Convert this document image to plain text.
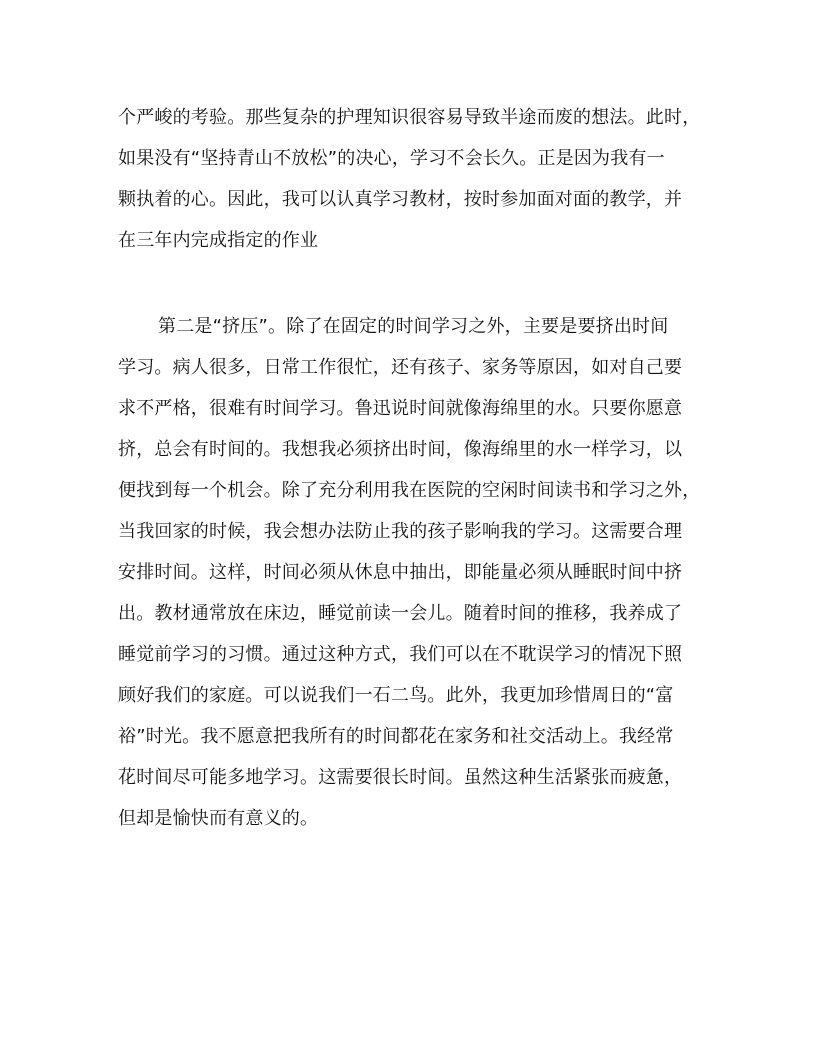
个严峻的考验。那些复杂的护理知识很容易导致半途而废的想法。此时，
如果没有“坚持青山不放松”的决心，学习不会长久。正是因为我有一
颗执着的心。因此，我可以认真学习教材，按时参加面对面的教学，并
在三年内完成指定的作业
第二是“挤压”。除了在固定的时间学习之外，主要是要挤出时间
学习。病人很多，日常工作很忙，还有孩子、家务等原因，如对自己要
求不严格，很难有时间学习。鲁迅说时间就像海绵里的水。只要你愿意
挤，总会有时间的。我想我必须挤出时间，像海绵里的水一样学习，以
便找到每一个机会。除了充分利用我在医院的空闲时间读书和学习之外，
当我回家的时候，我会想办法防止我的孩子影响我的学习。这需要合理
安排时间。这样，时间必须从休息中抽出，即能量必须从睡眠时间中挤
出。教材通常放在床边，睡觉前读一会儿。随着时间的推移，我养成了
睡觉前学习的习惯。通过这种方式，我们可以在不耽误学习的情况下照
顾好我们的家庭。可以说我们一石二鸟。此外，我更加珍惜周日的“富
裕”时光。我不愿意把我所有的时间都花在家务和社交活动上。我经常
花时间尽可能多地学习。这需要很长时间。虽然这种生活紧张而疲惫，
但却是愉快而有意义的。
